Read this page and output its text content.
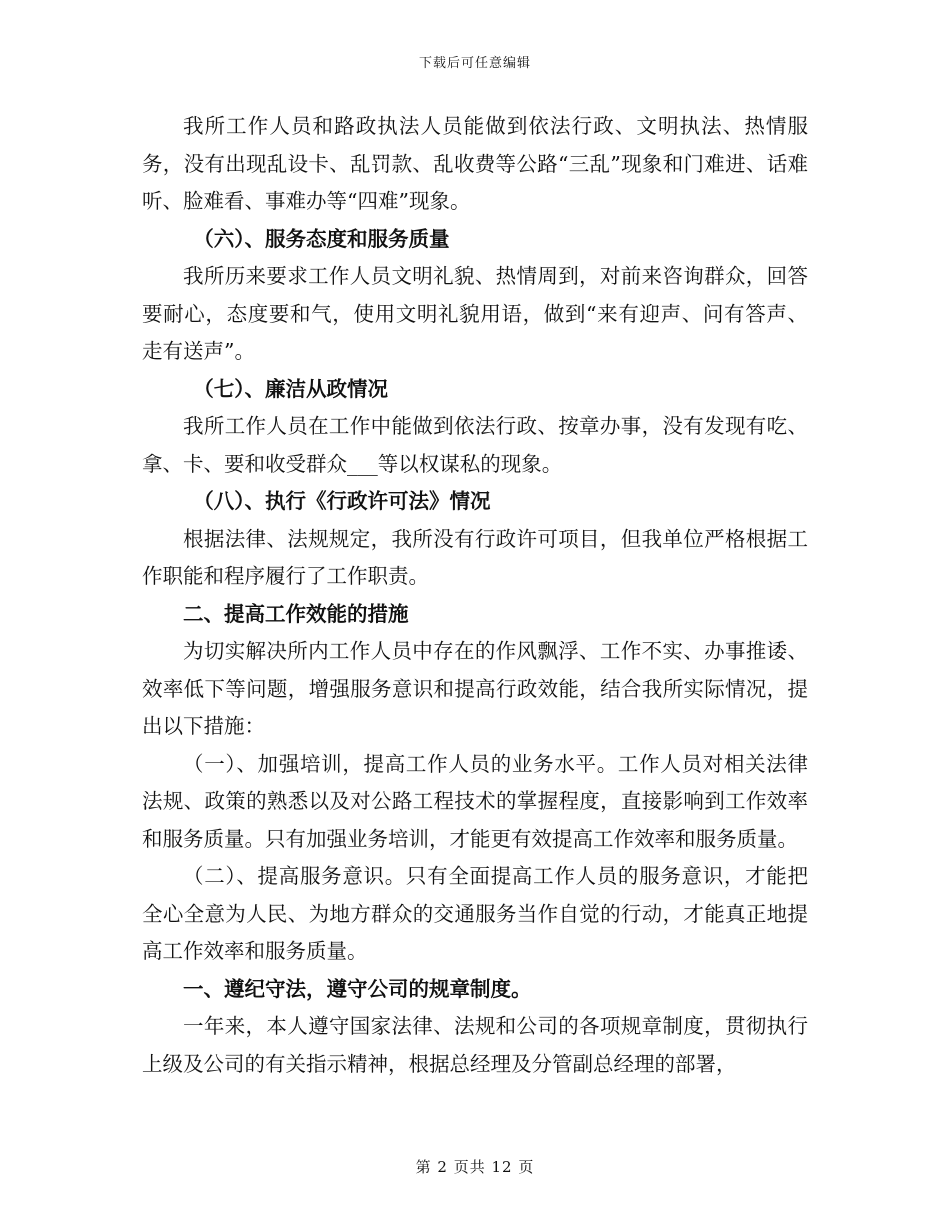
下载后可任意编辑

我所工作人员和路政执法人员能做到依法行政、文明执法、热情服务，没有出现乱设卡、乱罚款、乱收费等公路“三乱”现象和门难进、话难听、脸难看、事难办等“四难”现象。

（六）、服务态度和服务质量

我所历来要求工作人员文明礼貌、热情周到，对前来咨询群众，回答要耐心，态度要和气，使用文明礼貌用语，做到“来有迎声、问有答声、走有送声”。

（七）、廉洁从政情况

我所工作人员在工作中能做到依法行政、按章办事，没有发现有吃、拿、卡、要和收受群众___等以权谋私的现象。

（八）、执行《行政许可法》情况

根据法律、法规规定，我所没有行政许可项目，但我单位严格根据工作职能和程序履行了工作职责。

二、提高工作效能的措施

为切实解决所内工作人员中存在的作风飘浮、工作不实、办事推诿、效率低下等问题，增强服务意识和提高行政效能，结合我所实际情况，提出以下措施：

（一）、加强培训，提高工作人员的业务水平。工作人员对相关法律法规、政策的熟悉以及对公路工程技术的掌握程度，直接影响到工作效率和服务质量。只有加强业务培训，才能更有效提高工作效率和服务质量。

（二）、提高服务意识。只有全面提高工作人员的服务意识，才能把全心全意为人民、为地方群众的交通服务当作自觉的行动，才能真正地提高工作效率和服务质量。

一、遵纪守法，遵守公司的规章制度。

一年来，本人遵守国家法律、法规和公司的各项规章制度，贯彻执行上级及公司的有关指示精神，根据总经理及分管副总经理的部署，

第 2 页共 12 页
